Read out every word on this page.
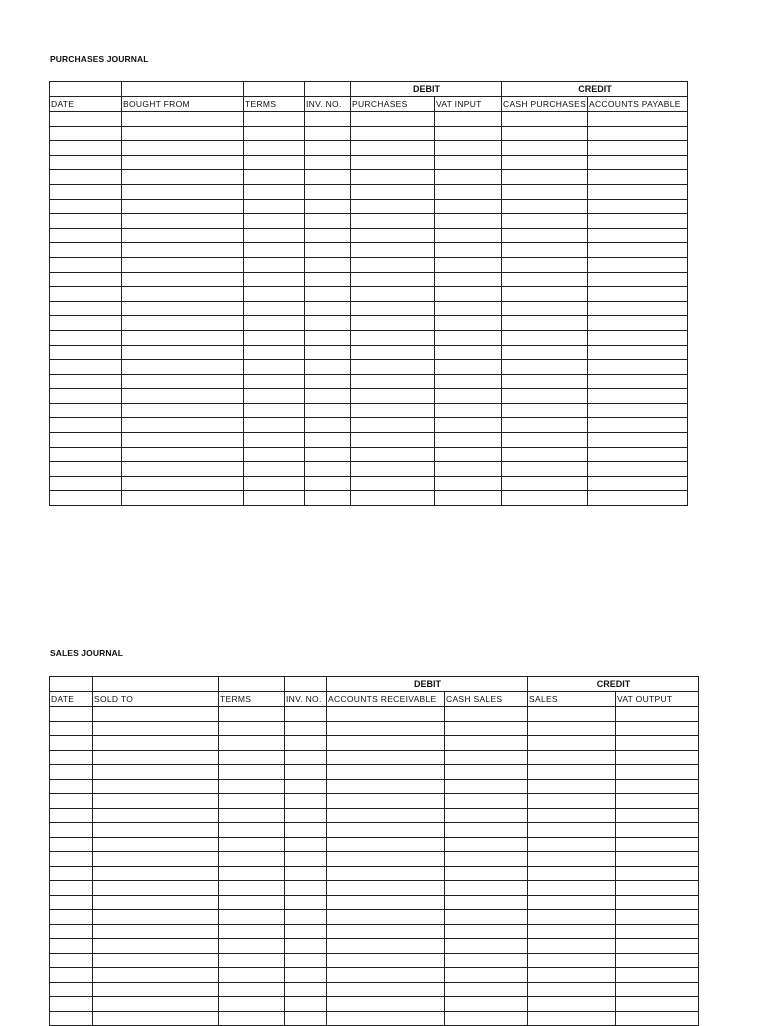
PURCHASES JOURNAL
				DEBIT		CREDIT	
DATE	BOUGHT FROM	TERMS	INV. NO.	PURCHASES	VAT INPUT	CASH PURCHASES	ACCOUNTS PAYABLE

SALES JOURNAL
				DEBIT		CREDIT	
DATE	SOLD TO	TERMS	INV. NO.	ACCOUNTS RECEIVABLE	CASH SALES	SALES	VAT OUTPUT
